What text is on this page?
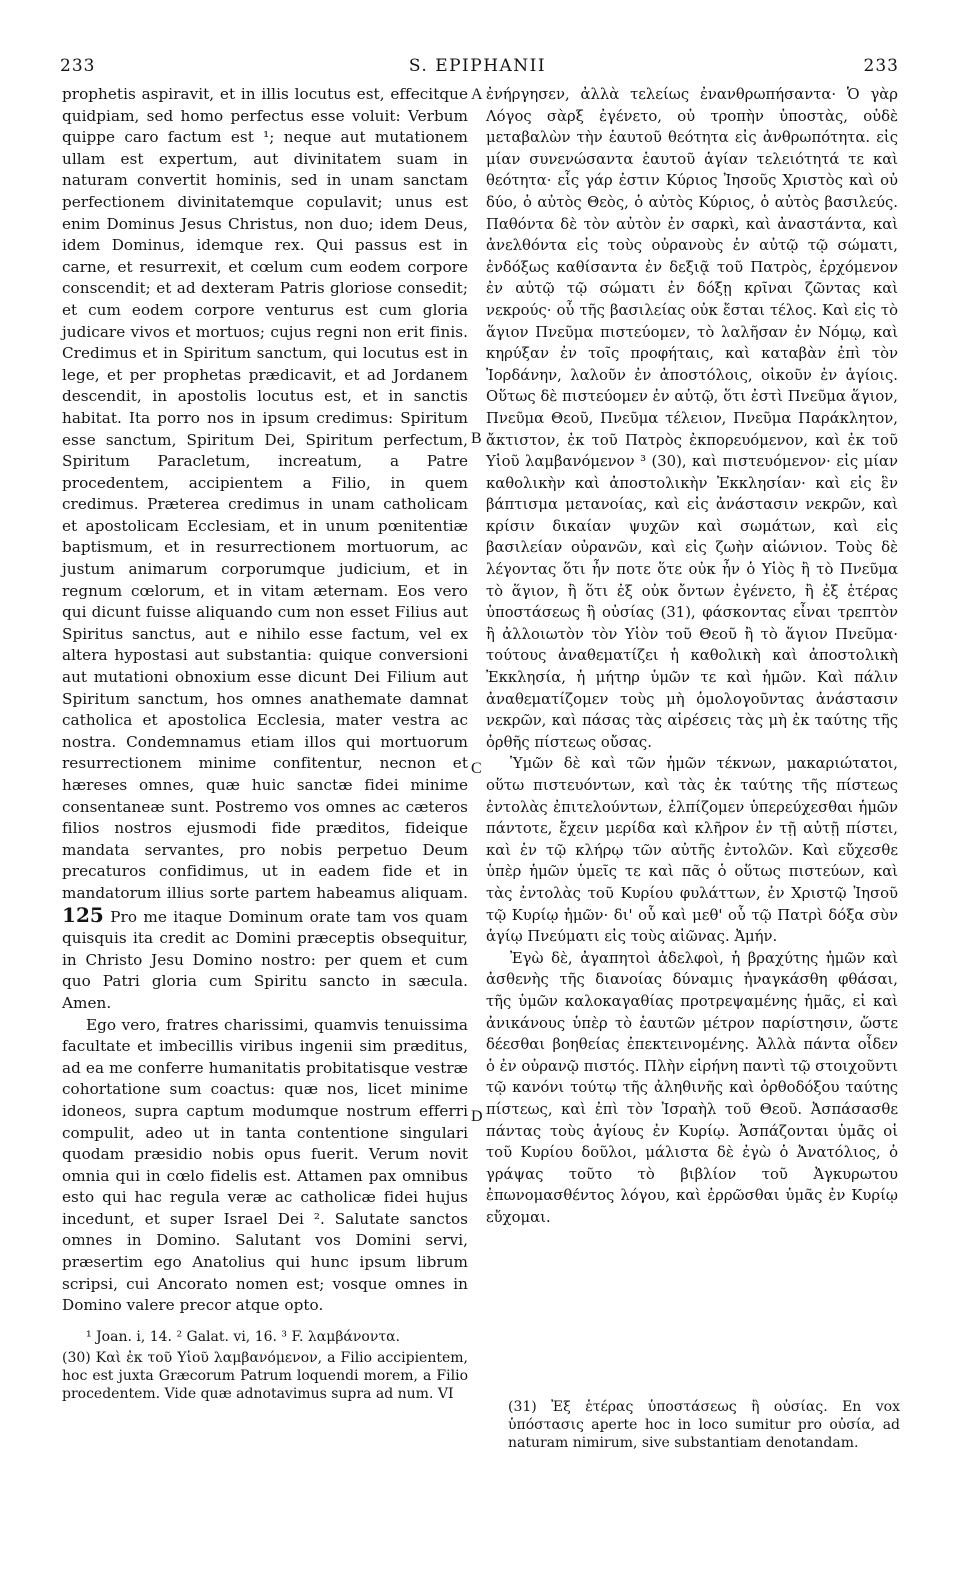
233	S. EPIPHANII	233

prophetis aspiravit, et in illis locutus est, effecitque quidpiam, sed homo perfectus esse voluit: Verbum quippe caro factum est ¹; neque aut mutationem ullam est expertum, aut divinitatem suam in naturam convertit hominis, sed in unam sanctam perfectionem divinitatemque copulavit; unus est enim Dominus Jesus Christus, non duo; idem Deus, idem Dominus, idemque rex. Qui passus est in carne, et resurrexit, et cœlum cum eodem corpore conscendit; et ad dexteram Patris gloriose consedit; et cum eodem corpore venturus est cum gloria judicare vivos et mortuos; cujus regni non erit finis. Credimus et in Spiritum sanctum, qui locutus est in lege, et per prophetas prædicavit, et ad Jordanem descendit, in apostolis locutus est, et in sanctis habitat. Ita porro nos in ipsum credimus: Spiritum esse sanctum, Spiritum Dei, Spiritum perfectum, Spiritum Paracletum, increatum, a Patre procedentem, accipientem a Filio, in quem credimus. Præterea credimus in unam catholicam et apostolicam Ecclesiam, et in unum pœnitentiæ baptismum, et in resurrectionem mortuorum, ac justum animarum corporumque judicium, et in regnum cœlorum, et in vitam æternam. Eos vero qui dicunt fuisse aliquando cum non esset Filius aut Spiritus sanctus, aut e nihilo esse factum, vel ex altera hypostasi aut substantia: quique conversioni aut mutationi obnoxium esse dicunt Dei Filium aut Spiritum sanctum, hos omnes anathemate damnat catholica et apostolica Ecclesia, mater vestra ac nostra. Condemnamus etiam illos qui mortuorum resurrectionem minime confitentur, necnon et hæreses omnes, quæ huic sanctæ fidei minime consentaneæ sunt. Postremo vos omnes ac cæteros filios nostros ejusmodi fide præditos, fideique mandata servantes, pro nobis perpetuo Deum precaturos confidimus, ut in eadem fide et in mandatorum illius sorte partem habeamus aliquam. 125 Pro me itaque Dominum orate tam vos quam quisquis ita credit ac Domini præceptis obsequitur, in Christo Jesu Domino nostro: per quem et cum quo Patri gloria cum Spiritu sancto in sæcula. Amen.

Ego vero, fratres charissimi, quamvis tenuissima facultate et imbecillis viribus ingenii sim præditus, ad ea me conferre humanitatis probitatisque vestræ cohortatione sum coactus: quæ nos, licet minime idoneos, supra captum modumque nostrum efferri compulit, adeo ut in tanta contentione singulari quodam præsidio nobis opus fuerit. Verum novit omnia qui in cœlo fidelis est. Attamen pax omnibus esto qui hac regula veræ ac catholicæ fidei hujus incedunt, et super Israel Dei ². Salutate sanctos omnes in Domino. Salutant vos Domini servi, præsertim ego Anatolius qui hunc ipsum librum scripsi, cui Ancorato nomen est; vosque omnes in Domino valere precor atque opto.

A
B
C
D

ἐνήργησεν, ἀλλὰ τελείως ἐνανθρωπήσαντα· Ὁ γὰρ Λόγος σὰρξ ἐγένετο, οὐ τροπὴν ὑποστὰς, οὐδὲ μεταβαλὼν τὴν ἑαυτοῦ θεότητα εἰς ἀνθρωπότητα. εἰς μίαν συνενώσαντα ἑαυτοῦ ἁγίαν τελειότητά τε καὶ θεότητα· εἷς γάρ ἐστιν Κύριος Ἰησοῦς Χριστὸς καὶ οὐ δύο, ὁ αὐτὸς Θεὸς, ὁ αὐτὸς Κύριος, ὁ αὐτὸς βασιλεύς. Παθόντα δὲ τὸν αὐτὸν ἐν σαρκὶ, καὶ ἀναστάντα, καὶ ἀνελθόντα εἰς τοὺς οὐρανοὺς ἐν αὐτῷ τῷ σώματι, ἐνδόξως καθίσαντα ἐν δεξιᾷ τοῦ Πατρὸς, ἐρχόμενον ἐν αὐτῷ τῷ σώματι ἐν δόξῃ κρῖναι ζῶντας καὶ νεκρούς· οὗ τῆς βασιλείας οὐκ ἔσται τέλος. Καὶ εἰς τὸ ἅγιον Πνεῦμα πιστεύομεν, τὸ λαλῆσαν ἐν Νόμῳ, καὶ κηρύξαν ἐν τοῖς προφήταις, καὶ καταβὰν ἐπὶ τὸν Ἰορδάνην, λαλοῦν ἐν ἀποστόλοις, οἰκοῦν ἐν ἁγίοις. Οὕτως δὲ πιστεύομεν ἐν αὐτῷ, ὅτι ἐστὶ Πνεῦμα ἅγιον, Πνεῦμα Θεοῦ, Πνεῦμα τέλειον, Πνεῦμα Παράκλητον, ἄκτιστον, ἐκ τοῦ Πατρὸς ἐκπορευόμενον, καὶ ἐκ τοῦ Υἱοῦ λαμβανόμενον ³ (30), καὶ πιστευόμενον· εἰς μίαν καθολικὴν καὶ ἀποστολικὴν Ἐκκλησίαν· καὶ εἰς ἓν βάπτισμα μετανοίας, καὶ εἰς ἀνάστασιν νεκρῶν, καὶ κρίσιν δικαίαν ψυχῶν καὶ σωμάτων, καὶ εἰς βασιλείαν οὐρανῶν, καὶ εἰς ζωὴν αἰώνιον. Τοὺς δὲ λέγοντας ὅτι ἦν ποτε ὅτε οὐκ ἦν ὁ Υἱὸς ἢ τὸ Πνεῦμα τὸ ἅγιον, ἢ ὅτι ἐξ οὐκ ὄντων ἐγένετο, ἢ ἐξ ἑτέρας ὑποστάσεως ἢ οὐσίας (31), φάσκοντας εἶναι τρεπτὸν ἢ ἀλλοιωτὸν τὸν Υἱὸν τοῦ Θεοῦ ἢ τὸ ἅγιον Πνεῦμα· τούτους ἀναθεματίζει ἡ καθολικὴ καὶ ἀποστολικὴ Ἐκκλησία, ἡ μήτηρ ὑμῶν τε καὶ ἡμῶν. Καὶ πάλιν ἀναθεματίζομεν τοὺς μὴ ὁμολογοῦντας ἀνάστασιν νεκρῶν, καὶ πάσας τὰς αἱρέσεις τὰς μὴ ἐκ ταύτης τῆς ὀρθῆς πίστεως οὔσας.

Ὑμῶν δὲ καὶ τῶν ἡμῶν τέκνων, μακαριώτατοι, οὕτω πιστευόντων, καὶ τὰς ἐκ ταύτης τῆς πίστεως ἐντολὰς ἐπιτελούντων, ἐλπίζομεν ὑπερεύχεσθαι ἡμῶν πάντοτε, ἔχειν μερίδα καὶ κλῆρον ἐν τῇ αὐτῇ πίστει, καὶ ἐν τῷ κλήρῳ τῶν αὐτῆς ἐντολῶν. Καὶ εὔχεσθε ὑπὲρ ἡμῶν ὑμεῖς τε καὶ πᾶς ὁ οὕτως πιστεύων, καὶ τὰς ἐντολὰς τοῦ Κυρίου φυλάττων, ἐν Χριστῷ Ἰησοῦ τῷ Κυρίῳ ἡμῶν· δι' οὗ καὶ μεθ' οὗ τῷ Πατρὶ δόξα σὺν ἁγίῳ Πνεύματι εἰς τοὺς αἰῶνας. Ἀμήν.

Ἐγὼ δὲ, ἀγαπητοὶ ἀδελφοὶ, ἡ βραχύτης ἡμῶν καὶ ἀσθενὴς τῆς διανοίας δύναμις ἠναγκάσθη φθάσαι, τῆς ὑμῶν καλοκαγαθίας προτρεψαμένης ἡμᾶς, εἰ καὶ ἀνικάνους ὑπὲρ τὸ ἑαυτῶν μέτρον παρίστησιν, ὥστε δέεσθαι βοηθείας ἐπεκτεινομένης. Ἀλλὰ πάντα οἶδεν ὁ ἐν οὐρανῷ πιστός. Πλὴν εἰρήνη παντὶ τῷ στοιχοῦντι τῷ κανόνι τούτῳ τῆς ἀληθινῆς καὶ ὀρθοδόξου ταύτης πίστεως, καὶ ἐπὶ τὸν Ἰσραὴλ τοῦ Θεοῦ. Ἀσπάσασθε πάντας τοὺς ἁγίους ἐν Κυρίῳ. Ἀσπάζονται ὑμᾶς οἱ τοῦ Κυρίου δοῦλοι, μάλιστα δὲ ἐγὼ ὁ Ἀνατόλιος, ὁ γράψας τοῦτο τὸ βιβλίον τοῦ Ἀγκυρωτου ἐπωνομασθέντος λόγου, καὶ ἐρρῶσθαι ὑμᾶς ἐν Κυρίῳ εὔχομαι.

¹ Joan. i, 14. ² Galat. vi, 16. ³ F. λαμβάνοντα.

(30) Καὶ ἐκ τοῦ Υἱοῦ λαμβανόμενον, a Filio accipientem, hoc est juxta Græcorum Patrum loquendi morem, a Filio procedentem. Vide quæ adnotavimus supra ad num. VI

(31) Ἐξ ἑτέρας ὑποστάσεως ἢ οὐσίας. En vox ὑπόστασις aperte hoc in loco sumitur pro οὐσία, ad naturam nimirum, sive substantiam denotandam.
